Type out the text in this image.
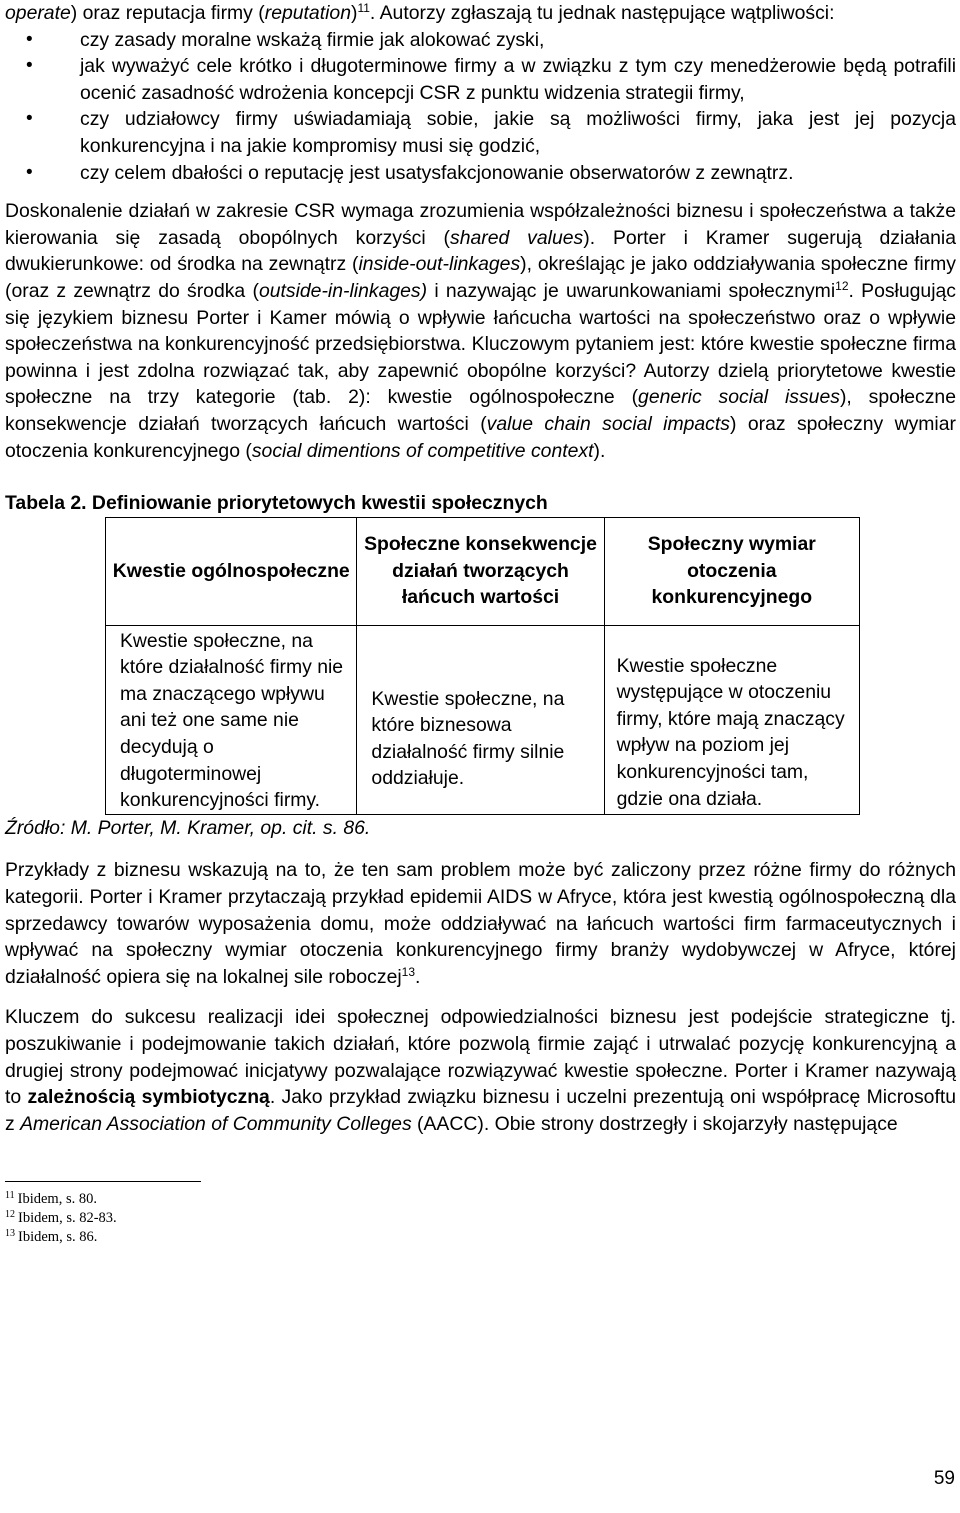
operate) oraz reputacja firmy (reputation)$^{11}$. Autorzy zgłaszają tu jednak następujące wątpliwości:

• czy zasady moralne wskażą firmie jak alokować zyski,
• jak wyważyć cele krótko i długoterminowe firmy a w związku z tym czy menedżerowie będą potrafili ocenić zasadność wdrożenia koncepcji CSR z punktu widzenia strategii firmy,
• czy udziałowcy firmy uświadamiają sobie, jakie są możliwości firmy, jaka jest jej pozycja konkurencyjna i na jakie kompromisy musi się godzić,
• czy celem dbałości o reputację jest usatysfakcjonowanie obserwatorów z zewnątrz.

Doskonalenie działań w zakresie CSR wymaga zrozumienia współzależności biznesu i społeczeństwa a także kierowania się zasadą obopólnych korzyści (shared values). Porter i Kramer sugerują działania dwukierunkowe: od środka na zewnątrz (inside-out-linkages), określając je jako oddziaływania społeczne firmy (oraz z zewnątrz do środka (outside-in-linkages) i nazywając je uwarunkowaniami społecznymi$^{12}$. Posługując się językiem biznesu Porter i Kamer mówią o wpływie łańcucha wartości na społeczeństwo oraz o wpływie społeczeństwa na konkurencyjność przedsiębiorstwa. Kluczowym pytaniem jest: które kwestie społeczne firma powinna i jest zdolna rozwiązać tak, aby zapewnić obopólne korzyści? Autorzy dzielą priorytetowe kwestie społeczne na trzy kategorie (tab. 2): kwestie ogólnospołeczne (generic social issues), społeczne konsekwencje działań tworzących łańcuch wartości (value chain social impacts) oraz społeczny wymiar otoczenia konkurencyjnego (social dimentions of competitive context).

Tabela 2. Definiowanie priorytetowych kwestii społecznych

Kwestie ogólnospołeczne	Społeczne konsekwencje działań tworzących łańcuch wartości	Społeczny wymiar otoczenia konkurencyjnego
Kwestie społeczne, na które działalność firmy nie ma znaczącego wpływu ani też one same nie decydują o długoterminowej konkurencyjności firmy.	Kwestie społeczne, na które biznesowa działalność firmy silnie oddziałuje.	Kwestie społeczne występujące w otoczeniu firmy, które mają znaczący wpływ na poziom jej konkurencyjności tam, gdzie ona działa.

Źródło: M. Porter, M. Kramer, op. cit. s. 86.

Przykłady z biznesu wskazują na to, że ten sam problem może być zaliczony przez różne firmy do różnych kategorii. Porter i Kramer przytaczają przykład epidemii AIDS w Afryce, która jest kwestią ogólnospołeczną dla sprzedawcy towarów wyposażenia domu, może oddziaływać na łańcuch wartości firm farmaceutycznych i wpływać na społeczny wymiar otoczenia konkurencyjnego firmy branży wydobywczej w Afryce, której działalność opiera się na lokalnej sile roboczej$^{13}$.

Kluczem do sukcesu realizacji idei społecznej odpowiedzialności biznesu jest podejście strategiczne tj. poszukiwanie i podejmowanie takich działań, które pozwolą firmie zająć i utrwalać pozycję konkurencyjną a drugiej strony podejmować inicjatywy pozwalające rozwiązywać kwestie społeczne. Porter i Kramer nazywają to zależnością symbiotyczną. Jako przykład związku biznesu i uczelni prezentują oni współpracę Microsoftu z American Association of Community Colleges (AACC). Obie strony dostrzegły i skojarzyły następujące

$^{11}$ Ibidem, s. 80.
$^{12}$ Ibidem, s. 82-83.
$^{13}$ Ibidem, s. 86.
59
